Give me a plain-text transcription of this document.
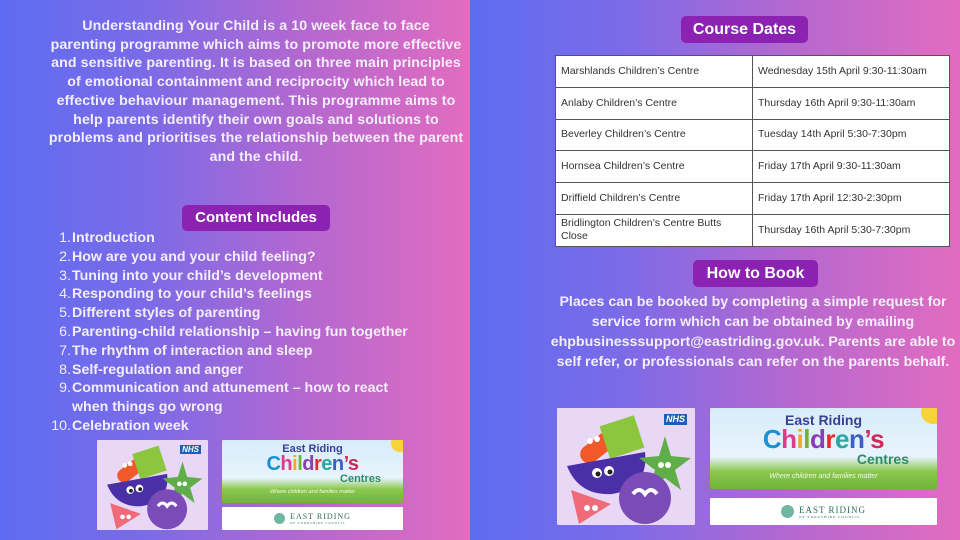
Understanding Your Child is a 10 week face to face parenting programme which aims to promote more effective and sensitive parenting. It is based on three main principles of emotional containment and reciprocity which lead to effective behaviour management. This programme aims to help parents identify their own goals and solutions to problems and prioritises the relationship between the parent and the child.

Content Includes
1. Introduction
2. How are you and your child feeling?
3. Tuning into your child’s development
4. Responding to your child’s feelings
5. Different styles of parenting
6. Parenting-child relationship – having fun together
7. The rhythm of interaction and sleep
8. Self-regulation and anger
9. Communication and attunement – how to react
when things go wrong
10. Celebration week
NHS	East Riding
Children’s
Centres
Where children and families matter
EAST RIDING
OF YORKSHIRE COUNCIL
Course Dates
Marshlands Children’s Centre	Wednesday 15th April 9:30-11:30am
Anlaby Children’s Centre	Thursday 16th April 9:30-11:30am
Beverley Children’s Centre	Tuesday 14th April 5:30-7:30pm
Hornsea Children’s Centre	Friday 17th April 9:30-11:30am
Driffield Children’s Centre	Friday 17th April 12:30-2:30pm
Bridlington Children’s Centre Butts Close	Thursday 16th April 5:30-7:30pm
How to Book

Places can be booked by completing a simple request for service form which can be obtained by emailing ehpbusinesssupport@eastriding.gov.uk. Parents are able to self refer, or professionals can refer on the parents behalf.

NHS	East Riding
Children’s
Centres
Where children and families matter
EAST RIDING
OF YORKSHIRE COUNCIL
